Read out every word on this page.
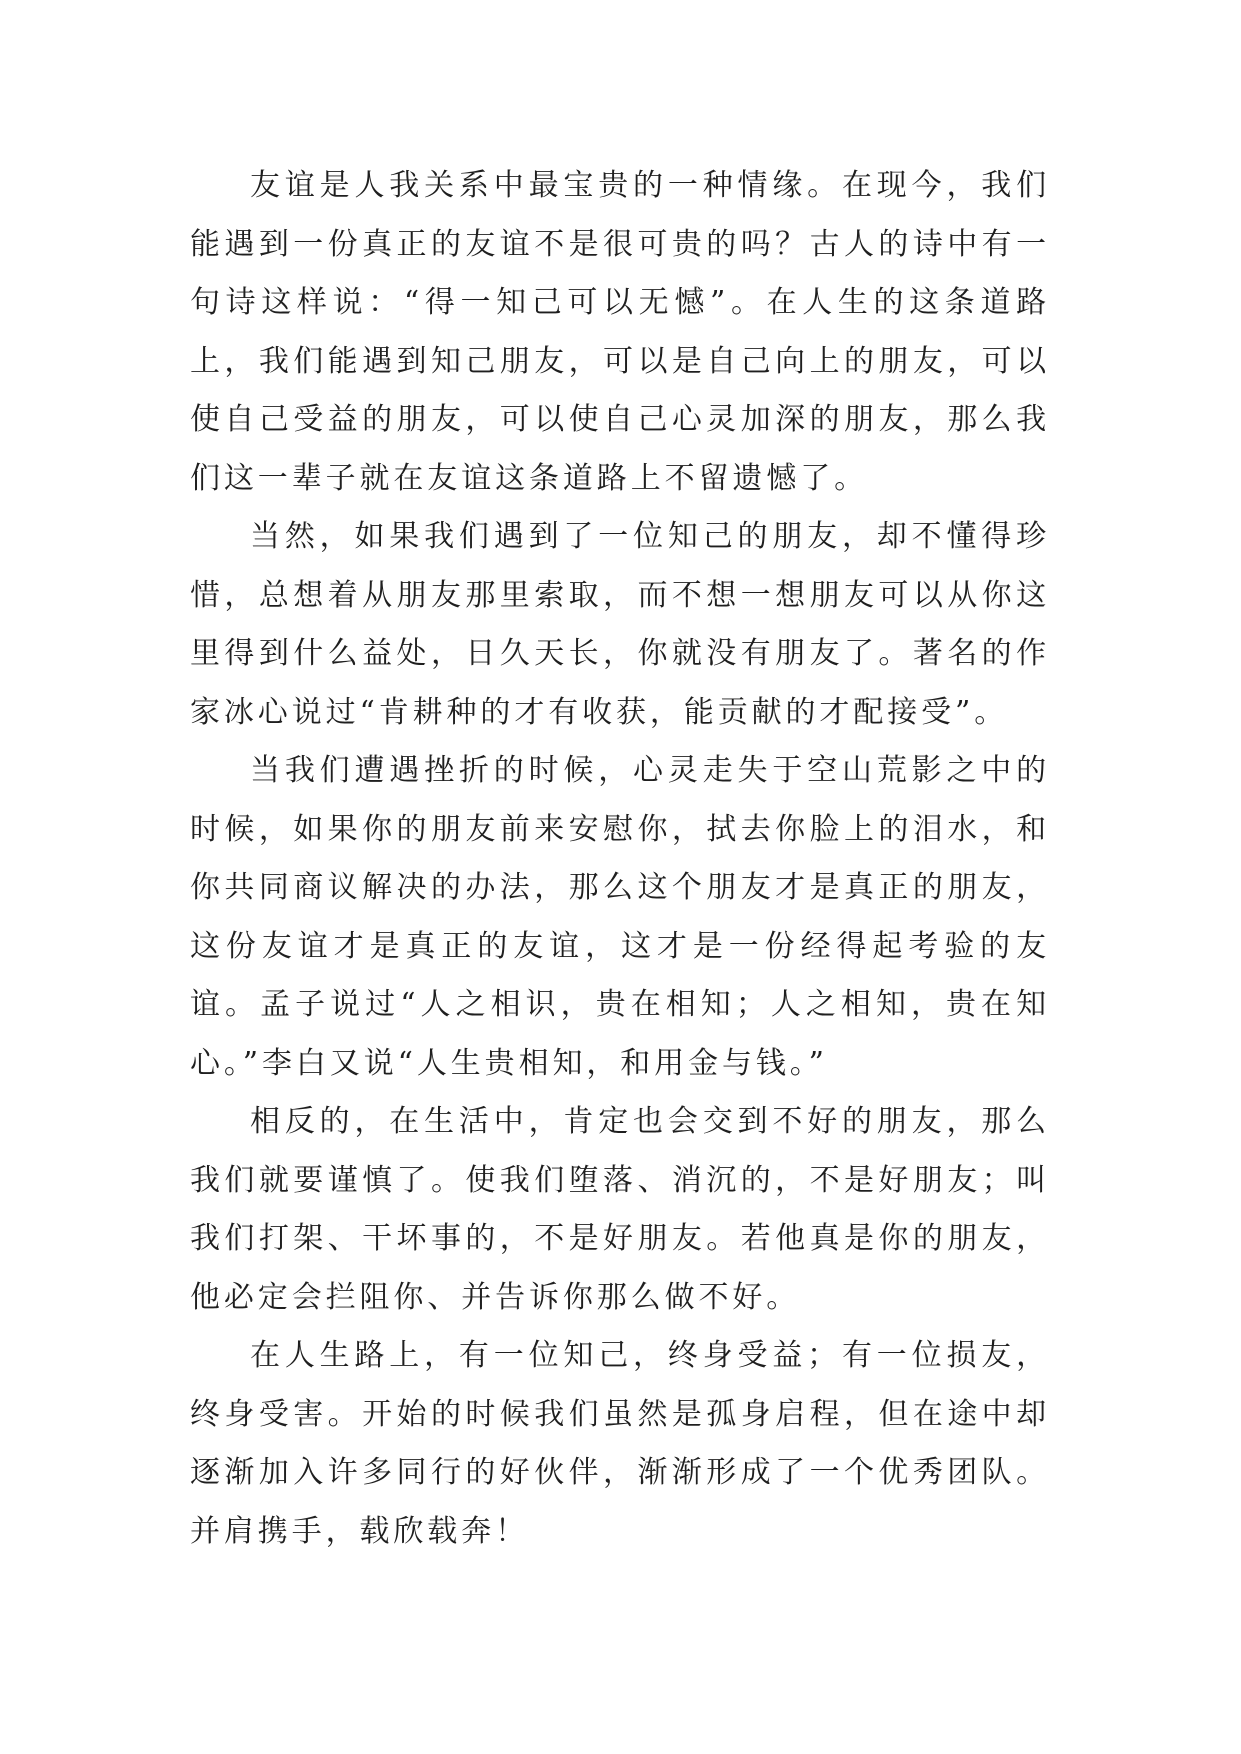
友谊是人我关系中最宝贵的一种情缘。在现今，我们能遇到一份真正的友谊不是很可贵的吗？古人的诗中有一句诗这样说：“得一知己可以无憾”。在人生的这条道路上，我们能遇到知己朋友，可以是自己向上的朋友，可以使自己受益的朋友，可以使自己心灵加深的朋友，那么我们这一辈子就在友谊这条道路上不留遗憾了。

当然，如果我们遇到了一位知己的朋友，却不懂得珍惜，总想着从朋友那里索取，而不想一想朋友可以从你这里得到什么益处，日久天长，你就没有朋友了。著名的作家冰心说过“肯耕种的才有收获，能贡献的才配接受”。

当我们遭遇挫折的时候，心灵走失于空山荒影之中的时候，如果你的朋友前来安慰你，拭去你脸上的泪水，和你共同商议解决的办法，那么这个朋友才是真正的朋友，这份友谊才是真正的友谊，这才是一份经得起考验的友谊。孟子说过“人之相识，贵在相知；人之相知，贵在知心。”李白又说“人生贵相知，和用金与钱。”

相反的，在生活中，肯定也会交到不好的朋友，那么我们就要谨慎了。使我们堕落、消沉的，不是好朋友；叫我们打架、干坏事的，不是好朋友。若他真是你的朋友，他必定会拦阻你、并告诉你那么做不好。

在人生路上，有一位知己，终身受益；有一位损友，终身受害。开始的时候我们虽然是孤身启程，但在途中却逐渐加入许多同行的好伙伴，渐渐形成了一个优秀团队。并肩携手，载欣载奔！
